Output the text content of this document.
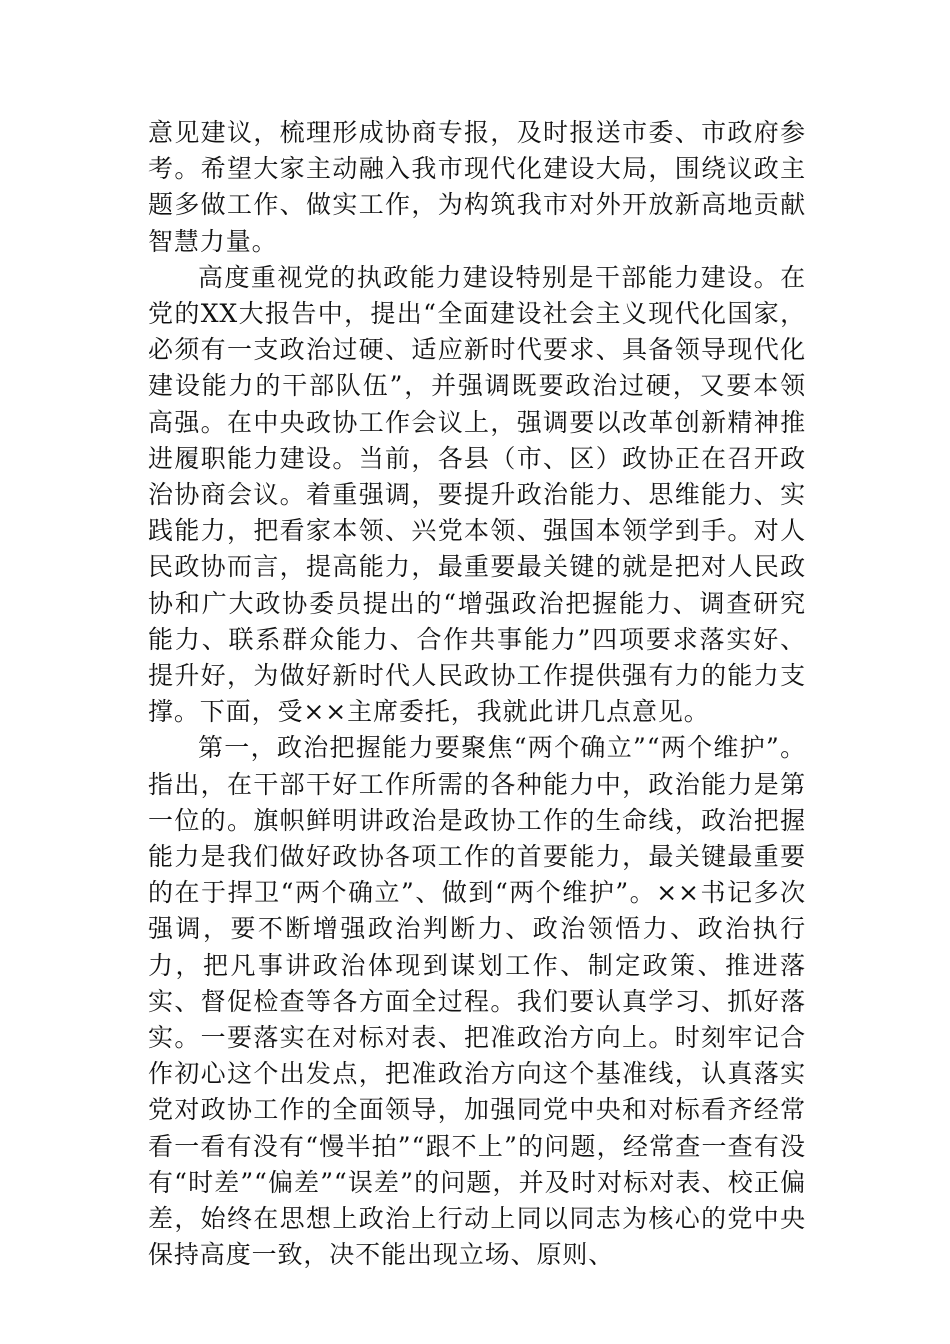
意见建议，梳理形成协商专报，及时报送市委、市政府参考。希望大家主动融入我市现代化建设大局，围绕议政主题多做工作、做实工作，为构筑我市对外开放新高地贡献智慧力量。

高度重视党的执政能力建设特别是干部能力建设。在党的XX大报告中，提出“全面建设社会主义现代化国家，必须有一支政治过硬、适应新时代要求、具备领导现代化建设能力的干部队伍”，并强调既要政治过硬，又要本领高强。在中央政协工作会议上，强调要以改革创新精神推进履职能力建设。当前，各县（市、区）政协正在召开政治协商会议。着重强调，要提升政治能力、思维能力、实践能力，把看家本领、兴党本领、强国本领学到手。对人民政协而言，提高能力，最重要最关键的就是把对人民政协和广大政协委员提出的“增强政治把握能力、调查研究能力、联系群众能力、合作共事能力”四项要求落实好、提升好，为做好新时代人民政协工作提供强有力的能力支撑。下面，受××主席委托，我就此讲几点意见。

第一，政治把握能力要聚焦“两个确立”“两个维护”。指出，在干部干好工作所需的各种能力中，政治能力是第一位的。旗帜鲜明讲政治是政协工作的生命线，政治把握能力是我们做好政协各项工作的首要能力，最关键最重要的在于捍卫“两个确立”、做到“两个维护”。××书记多次强调，要不断增强政治判断力、政治领悟力、政治执行力，把凡事讲政治体现到谋划工作、制定政策、推进落实、督促检查等各方面全过程。我们要认真学习、抓好落实。一要落实在对标对表、把准政治方向上。时刻牢记合作初心这个出发点，把准政治方向这个基准线，认真落实党对政协工作的全面领导，加强同党中央和对标看齐经常看一看有没有“慢半拍”“跟不上”的问题，经常查一查有没有“时差”“偏差”“误差”的问题，并及时对标对表、校正偏差，始终在思想上政治上行动上同以同志为核心的党中央保持高度一致，决不能出现立场、原则、
